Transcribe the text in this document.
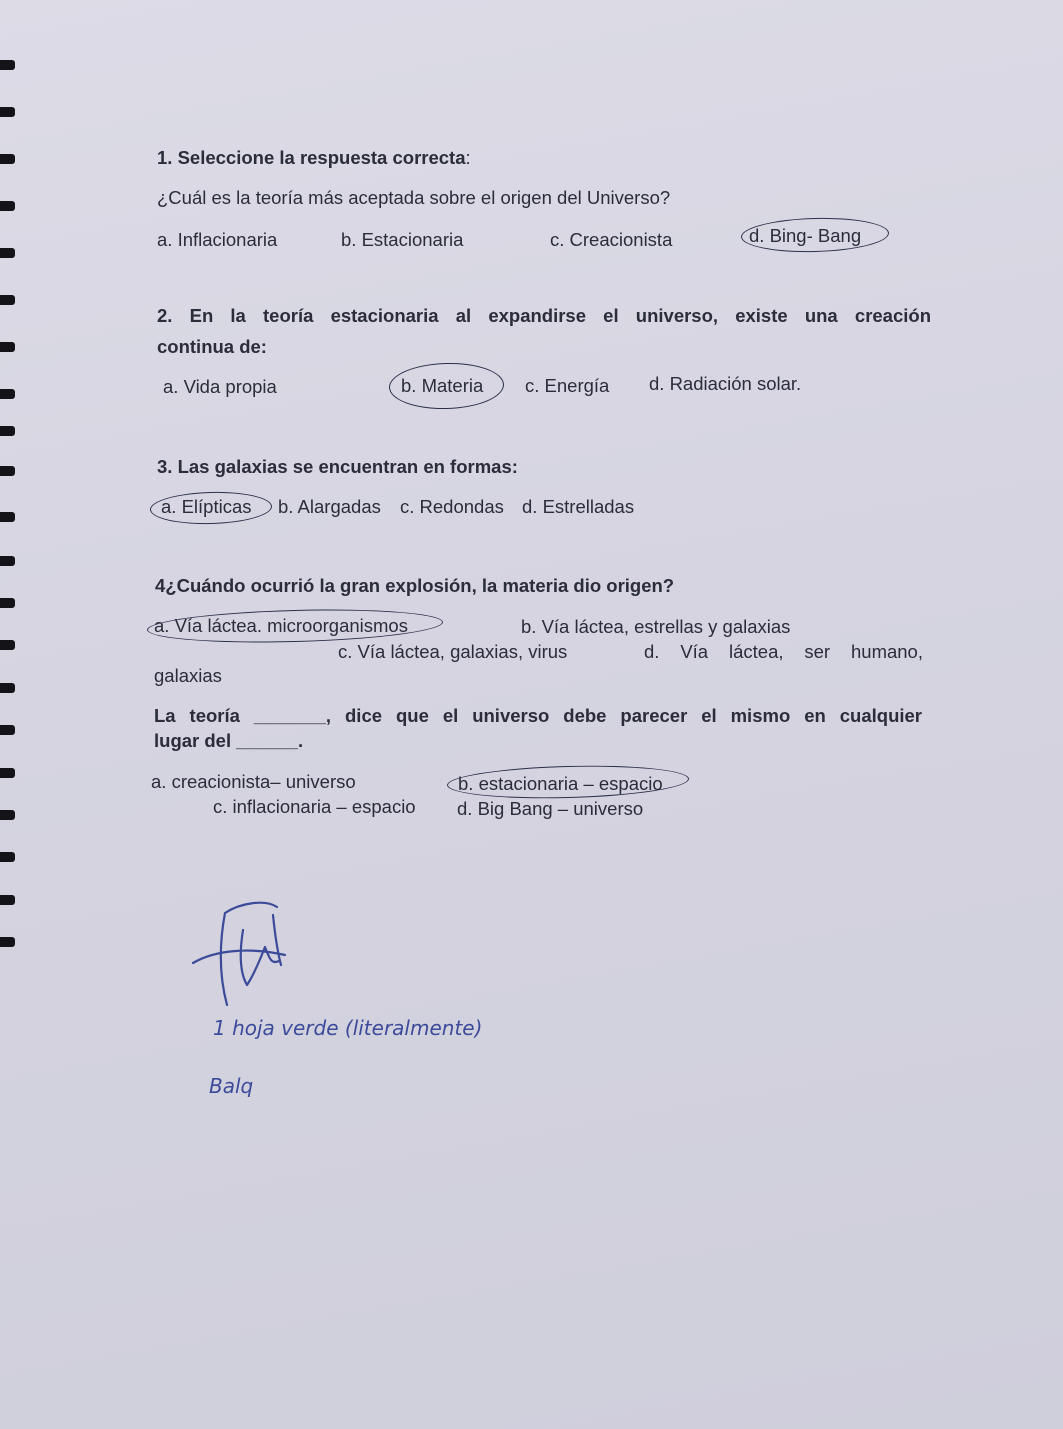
1. Seleccione la respuesta correcta:
¿Cuál es la teoría más aceptada sobre el origen del Universo?
a. Inflacionaria	b. Estacionaria	c. Creacionista	d. Bing- Bang
2. En la teoría estacionaria al expandirse el universo, existe una creación
continua de:
a. Vida propia	b. Materia c. Energía d. Radiación solar.
3. Las galaxias se encuentran en formas:
a. Elípticas b. Alargadas c. Redondas d. Estrelladas
4¿Cuándo ocurrió la gran explosión, la materia dio origen?
a. Vía láctea. microorganismos	b. Vía láctea, estrellas y galaxias
c. Vía láctea, galaxias, virus	d. Vía láctea, ser humano,
galaxias
La teoría _______, dice que el universo debe parecer el mismo en cualquier
lugar del ______.
a. creacionista– universo	b. estacionaria – espacio
c. inflacionaria – espacio d. Big Bang – universo
1 hoja verde (literalmente)
Balq
